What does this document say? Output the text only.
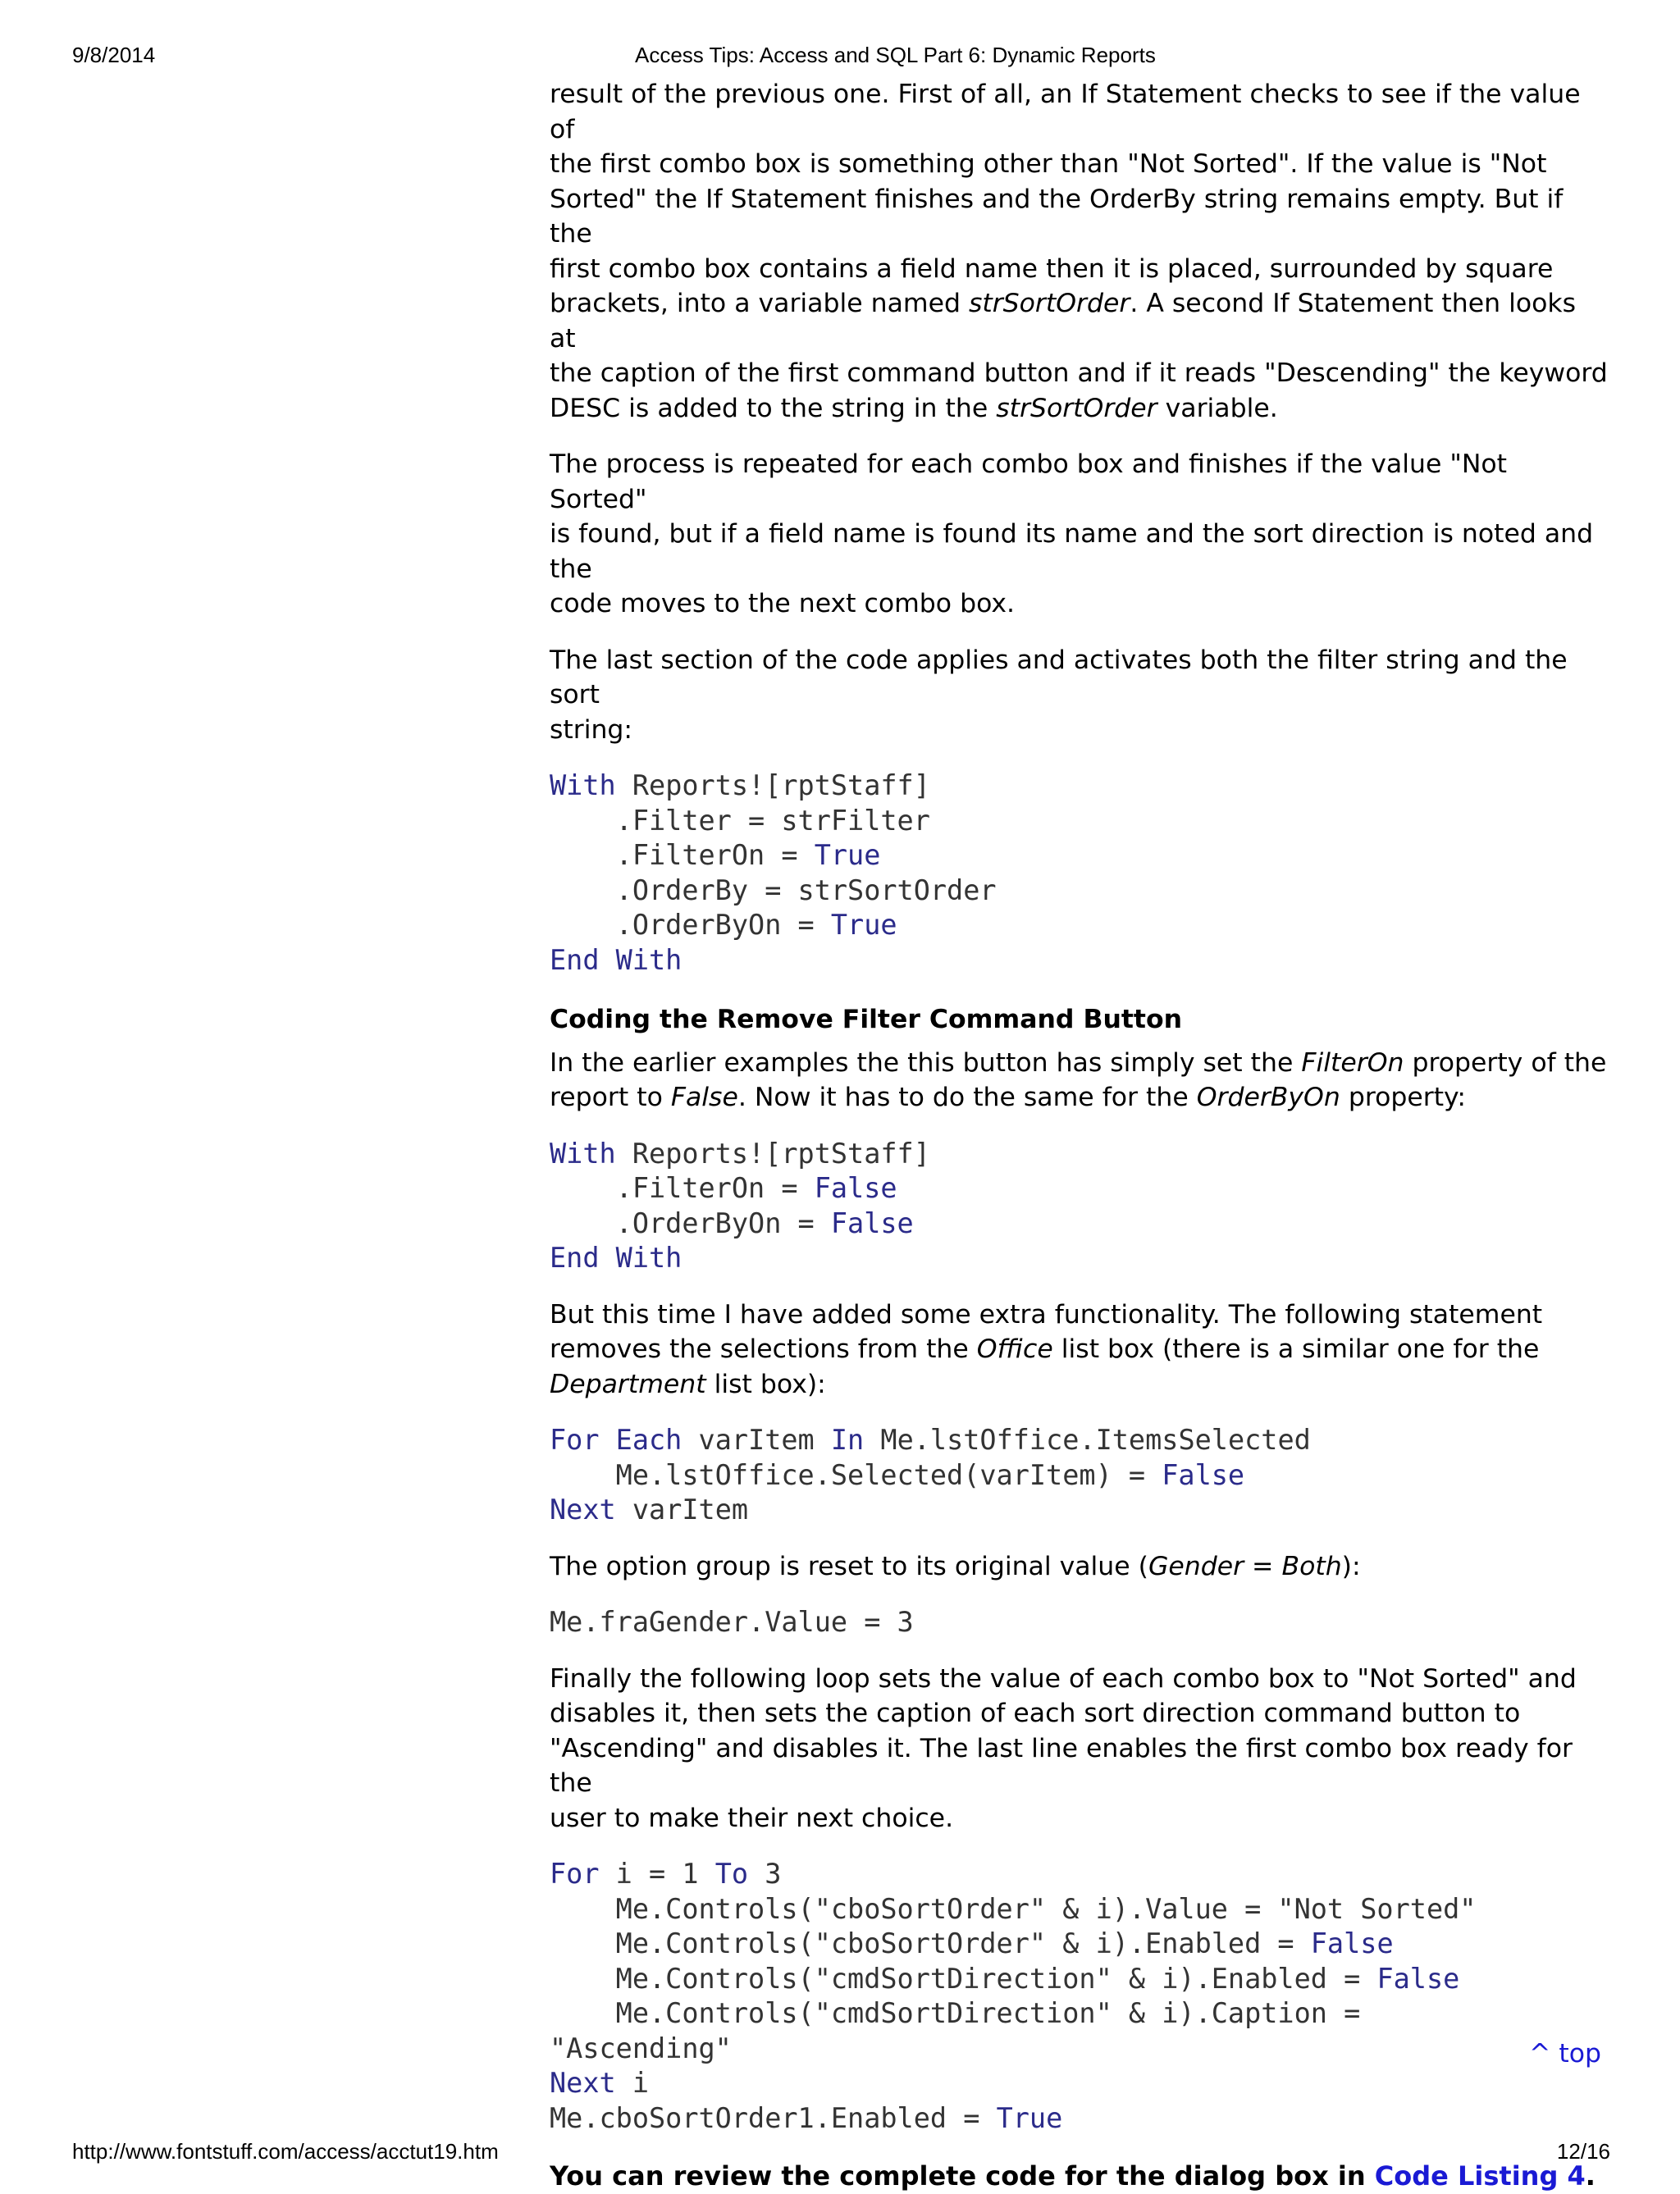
9/8/2014	Access Tips: Access and SQL Part 6: Dynamic Reports

result of the previous one. First of all, an If Statement checks to see if the value of
the first combo box is something other than "Not Sorted". If the value is "Not
Sorted" the If Statement finishes and the OrderBy string remains empty. But if the
first combo box contains a field name then it is placed, surrounded by square
brackets, into a variable named strSortOrder. A second If Statement then looks at
the caption of the first command button and if it reads "Descending" the keyword
DESC is added to the string in the strSortOrder variable.

The process is repeated for each combo box and finishes if the value "Not Sorted"
is found, but if a field name is found its name and the sort direction is noted and the
code moves to the next combo box.

The last section of the code applies and activates both the filter string and the sort
string:

With Reports![rptStaff]
.Filter = strFilter
.FilterOn = True
.OrderBy = strSortOrder
.OrderByOn = True
End With
Coding the Remove Filter Command Button

In the earlier examples the this button has simply set the FilterOn property of the
report to False. Now it has to do the same for the OrderByOn property:

With Reports![rptStaff]
.FilterOn = False
.OrderByOn = False
End With

But this time I have added some extra functionality. The following statement
removes the selections from the Office list box (there is a similar one for the
Department list box):

For Each varItem In Me.lstOffice.ItemsSelected
Me.lstOffice.Selected(varItem) = False
Next varItem

The option group is reset to its original value (Gender = Both):

Me.fraGender.Value = 3

Finally the following loop sets the value of each combo box to "Not Sorted" and
disables it, then sets the caption of each sort direction command button to
"Ascending" and disables it. The last line enables the first combo box ready for the
user to make their next choice.

For i = 1 To 3
Me.Controls("cboSortOrder" & i).Value = "Not Sorted"
Me.Controls("cboSortOrder" & i).Enabled = False
Me.Controls("cmdSortDirection" & i).Enabled = False
Me.Controls("cmdSortDirection" & i).Caption =
"Ascending"
Next i
Me.cboSortOrder1.Enabled = True

You can review the complete code for the dialog box in Code Listing 4.

^ top
http://www.fontstuff.com/access/acctut19.htm	12/16
